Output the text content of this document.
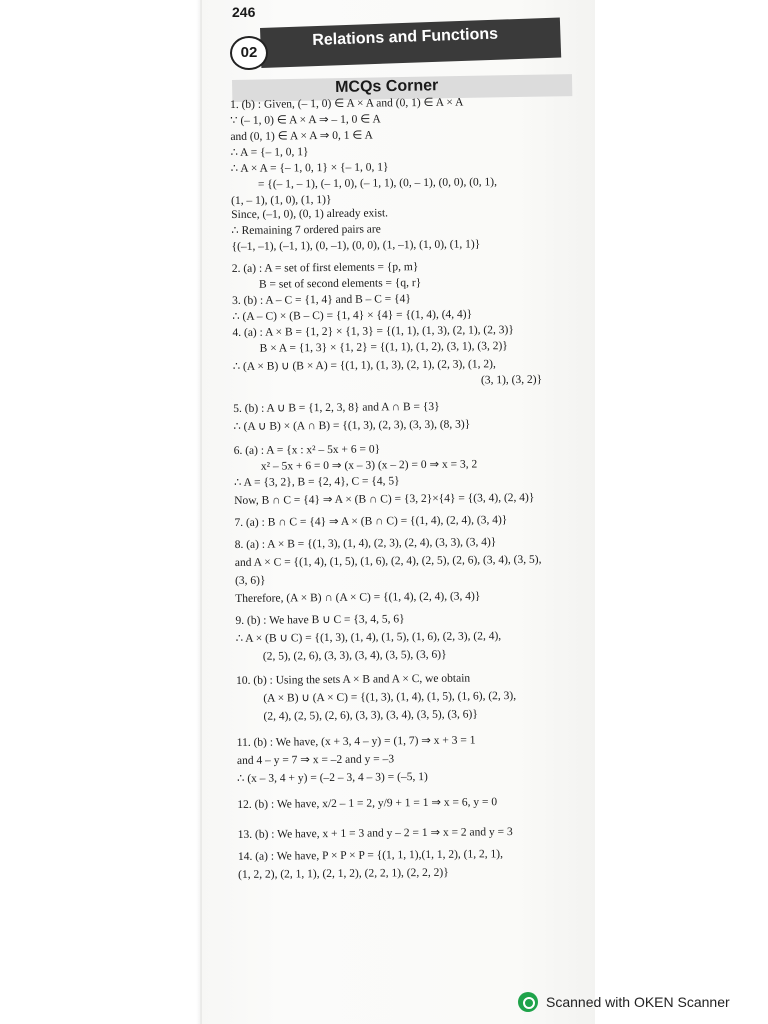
246
02
Relations and Functions
MCQs Corner
1. (b) : Given, (– 1, 0) ∈ A × A and (0, 1) ∈ A × A
∵ (– 1, 0) ∈ A × A ⇒ – 1, 0 ∈ A
and (0, 1) ∈ A × A ⇒ 0, 1 ∈ A
∴ A = {– 1, 0, 1}
∴ A × A = {– 1, 0, 1} × {– 1, 0, 1}
= {(– 1, – 1), (– 1, 0), (– 1, 1), (0, – 1), (0, 0), (0, 1),
(1, – 1), (1, 0), (1, 1)}
Since, (–1, 0), (0, 1) already exist.
∴ Remaining 7 ordered pairs are
{(–1, –1), (–1, 1), (0, –1), (0, 0), (1, –1), (1, 0), (1, 1)}
2. (a) : A = set of first elements = {p, m}
B = set of second elements = {q, r}
3. (b) : A – C = {1, 4} and B – C = {4}
∴ (A – C) × (B – C) = {1, 4} × {4} = {(1, 4), (4, 4)}
4. (a) : A × B = {1, 2} × {1, 3} = {(1, 1), (1, 3), (2, 1), (2, 3)}
B × A = {1, 3} × {1, 2} = {(1, 1), (1, 2), (3, 1), (3, 2)}
∴ (A × B) ∪ (B × A) = {(1, 1), (1, 3), (2, 1), (2, 3), (1, 2),
(3, 1), (3, 2)}
5. (b) : A ∪ B = {1, 2, 3, 8} and A ∩ B = {3}
∴ (A ∪ B) × (A ∩ B) = {(1, 3), (2, 3), (3, 3), (8, 3)}
6. (a) : A = {x : x² – 5x + 6 = 0}
x² – 5x + 6 = 0 ⇒ (x – 3) (x – 2) = 0 ⇒ x = 3, 2
∴ A = {3, 2}, B = {2, 4}, C = {4, 5}
Now, B ∩ C = {4} ⇒ A × (B ∩ C) = {3, 2}×{4} = {(3, 4), (2, 4)}
7. (a) : B ∩ C = {4} ⇒ A × (B ∩ C) = {(1, 4), (2, 4), (3, 4)}
8. (a) : A × B = {(1, 3), (1, 4), (2, 3), (2, 4), (3, 3), (3, 4)}
and A × C = {(1, 4), (1, 5), (1, 6), (2, 4), (2, 5), (2, 6), (3, 4), (3, 5),
(3, 6)}
Therefore, (A × B) ∩ (A × C) = {(1, 4), (2, 4), (3, 4)}
9. (b) : We have B ∪ C = {3, 4, 5, 6}
∴ A × (B ∪ C) = {(1, 3), (1, 4), (1, 5), (1, 6), (2, 3), (2, 4),
(2, 5), (2, 6), (3, 3), (3, 4), (3, 5), (3, 6)}
10. (b) : Using the sets A × B and A × C, we obtain
(A × B) ∪ (A × C) = {(1, 3), (1, 4), (1, 5), (1, 6), (2, 3),
(2, 4), (2, 5), (2, 6), (3, 3), (3, 4), (3, 5), (3, 6)}
11. (b) : We have, (x + 3, 4 – y) = (1, 7) ⇒ x + 3 = 1
and 4 – y = 7 ⇒ x = –2 and y = –3
∴ (x – 3, 4 + y) = (–2 – 3, 4 – 3) = (–5, 1)
12. (b) : We have, x/2 – 1 = 2, y/9 + 1 = 1 ⇒ x = 6, y = 0
13. (b) : We have, x + 1 = 3 and y – 2 = 1 ⇒ x = 2 and y = 3
14. (a) : We have, P × P × P = {(1, 1, 1),(1, 1, 2), (1, 2, 1),
(1, 2, 2), (2, 1, 1), (2, 1, 2), (2, 2, 1), (2, 2, 2)}
Scanned with OKEN Scanner
